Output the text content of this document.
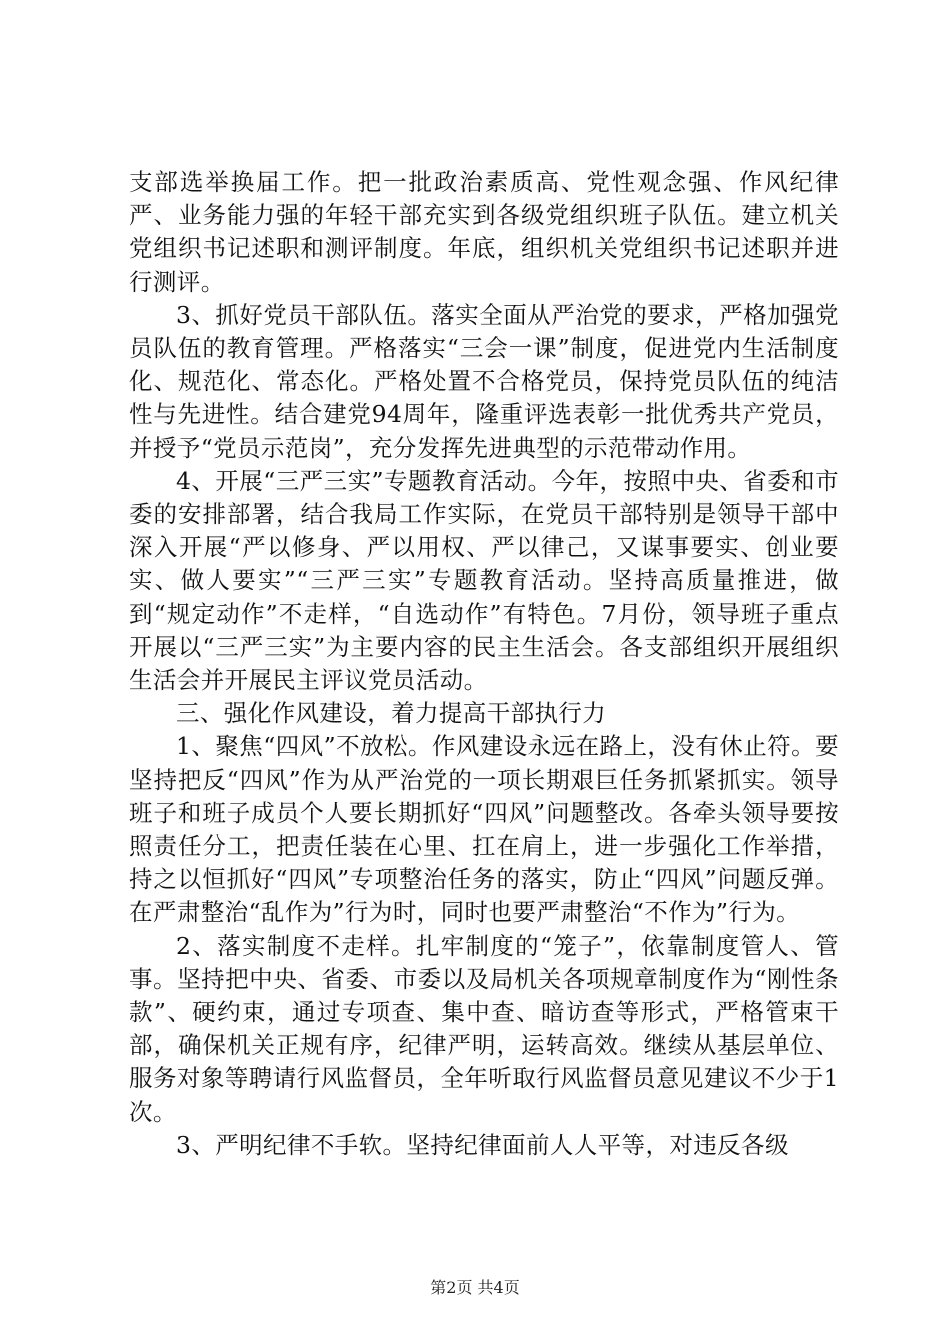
支部选举换届工作。把一批政治素质高、党性观念强、作风纪律严、业务能力强的年轻干部充实到各级党组织班子队伍。建立机关党组织书记述职和测评制度。年底，组织机关党组织书记述职并进行测评。

3、抓好党员干部队伍。落实全面从严治党的要求，严格加强党员队伍的教育管理。严格落实“三会一课”制度，促进党内生活制度化、规范化、常态化。严格处置不合格党员，保持党员队伍的纯洁性与先进性。结合建党94周年，隆重评选表彰一批优秀共产党员，并授予“党员示范岗”，充分发挥先进典型的示范带动作用。

4、开展“三严三实”专题教育活动。今年，按照中央、省委和市委的安排部署，结合我局工作实际，在党员干部特别是领导干部中深入开展“严以修身、严以用权、严以律己，又谋事要实、创业要实、做人要实”“三严三实”专题教育活动。坚持高质量推进，做到“规定动作”不走样，“自选动作”有特色。7月份，领导班子重点开展以“三严三实”为主要内容的民主生活会。各支部组织开展组织生活会并开展民主评议党员活动。

三、强化作风建设，着力提高干部执行力

1、聚焦“四风”不放松。作风建设永远在路上，没有休止符。要坚持把反“四风”作为从严治党的一项长期艰巨任务抓紧抓实。领导班子和班子成员个人要长期抓好“四风”问题整改。各牵头领导要按照责任分工，把责任装在心里、扛在肩上，进一步强化工作举措，持之以恒抓好“四风”专项整治任务的落实，防止“四风”问题反弹。在严肃整治“乱作为”行为时，同时也要严肃整治“不作为”行为。

2、落实制度不走样。扎牢制度的“笼子”，依靠制度管人、管事。坚持把中央、省委、市委以及局机关各项规章制度作为“刚性条款”、硬约束，通过专项查、集中查、暗访查等形式，严格管束干部，确保机关正规有序，纪律严明，运转高效。继续从基层单位、服务对象等聘请行风监督员，全年听取行风监督员意见建议不少于1次。

3、严明纪律不手软。坚持纪律面前人人平等，对违反各级

第2页 共4页
